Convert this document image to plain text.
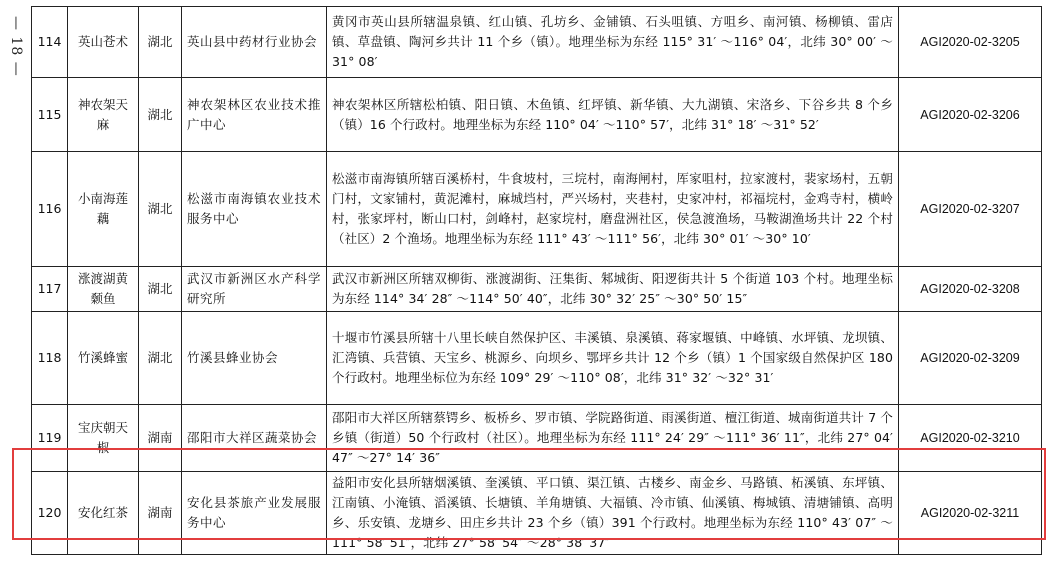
— 18 — 114	英山苍术	湖北	英山县中药材行业协会	黄冈市英山县所辖温泉镇、红山镇、孔坊乡、金铺镇、石头咀镇、方咀乡、南河镇、杨柳镇、雷店镇、草盘镇、陶河乡共计 11 个乡（镇）。地理坐标为东经 115° 31′ ～116° 04′，北纬 30° 00′ ～31° 08′	AGI2020-02-3205
115	神农架天麻	湖北	神农架林区农业技术推广中心	神农架林区所辖松柏镇、阳日镇、木鱼镇、红坪镇、新华镇、大九湖镇、宋洛乡、下谷乡共 8 个乡（镇）16 个行政村。地理坐标为东经 110° 04′ ～110° 57′，北纬 31° 18′ ～31° 52′	AGI2020-02-3206
116	小南海莲藕	湖北	松滋市南海镇农业技术服务中心	松滋市南海镇所辖百溪桥村，牛食坡村，三垸村，南海闸村，厍家咀村，拉家渡村，裴家场村，五朝门村，文家铺村，黄泥滩村，麻城垱村，严兴场村，夹巷村，史家冲村，祁福垸村，金鸡寺村，横岭村，张家坪村，断山口村，剑峰村，赵家垸村，磨盘洲社区，侯急渡渔场，马鞍湖渔场共计 22 个村（社区）2 个渔场。地理坐标为东经 111° 43′ ～111° 56′，北纬 30° 01′ ～30° 10′	AGI2020-02-3207
117	涨渡湖黄颡鱼	湖北	武汉市新洲区水产科学研究所	武汉市新洲区所辖双柳街、涨渡湖街、汪集街、邾城街、阳逻街共计 5 个街道 103 个村。地理坐标为东经 114° 34′ 28″ ～114° 50′ 40″，北纬 30° 32′ 25″ ～30° 50′ 15″	AGI2020-02-3208
118	竹溪蜂蜜	湖北	竹溪县蜂业协会	十堰市竹溪县所辖十八里长峡自然保护区、丰溪镇、泉溪镇、蒋家堰镇、中峰镇、水坪镇、龙坝镇、汇湾镇、兵营镇、天宝乡、桃源乡、向坝乡、鄂坪乡共计 12 个乡（镇）1 个国家级自然保护区 180 个行政村。地理坐标位为东经 109° 29′ ～110° 08′，北纬 31° 32′ ～32° 31′	AGI2020-02-3209
119	宝庆朝天椒	湖南	邵阳市大祥区蔬菜协会	邵阳市大祥区所辖蔡锷乡、板桥乡、罗市镇、学院路街道、雨溪街道、檀江街道、城南街道共计 7 个乡镇（街道）50 个行政村（社区）。地理坐标为东经 111° 24′ 29″ ～111° 36′ 11″，北纬 27° 04′ 47″ ～27° 14′ 36″	AGI2020-02-3210
120	安化红茶	湖南	安化县茶旅产业发展服务中心	益阳市安化县所辖烟溪镇、奎溪镇、平口镇、渠江镇、古楼乡、南金乡、马路镇、柘溪镇、东坪镇、江南镇、小淹镇、滔溪镇、长塘镇、羊角塘镇、大福镇、冷市镇、仙溪镇、梅城镇、清塘铺镇、高明乡、乐安镇、龙塘乡、田庄乡共计 23 个乡（镇）391 个行政村。地理坐标为东经 110° 43′ 07″ ～111° 58′ 51″，北纬 27° 58′ 54″ ～28° 38′ 37″	AGI2020-02-3211
